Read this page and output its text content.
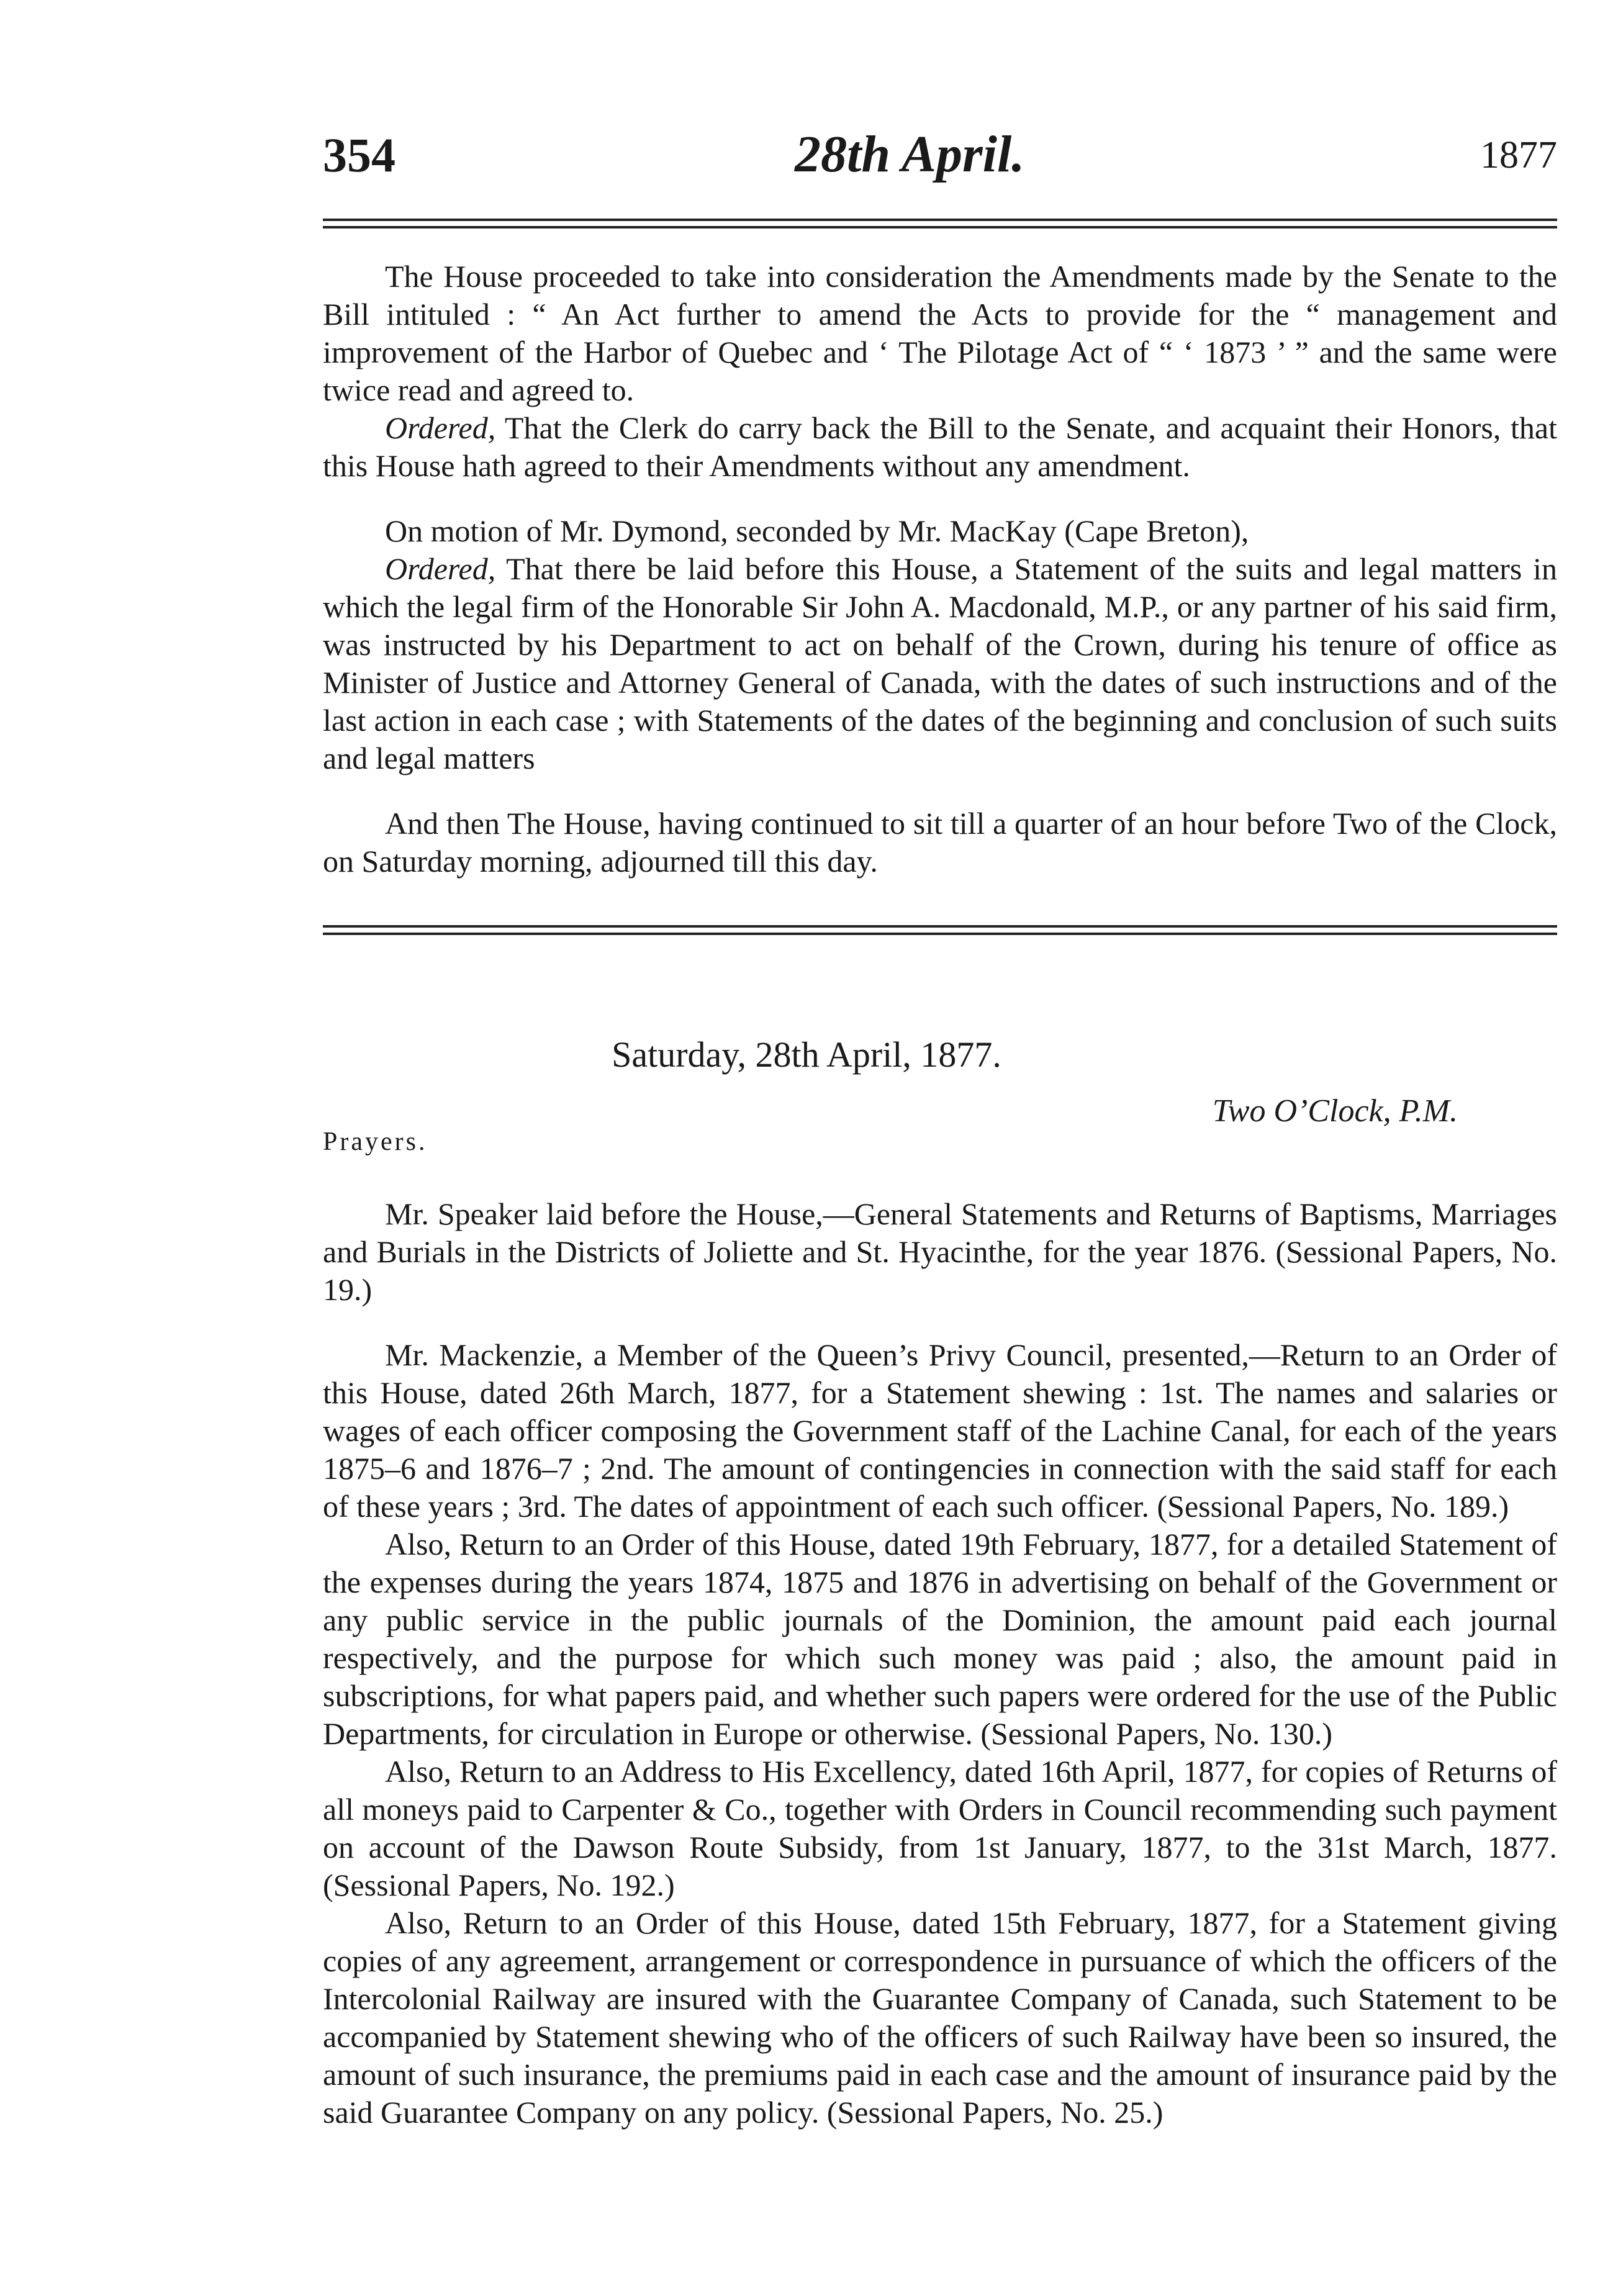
354	28th April.	1877

The House proceeded to take into consideration the Amendments made by the Senate to the Bill intituled : “ An Act further to amend the Acts to provide for the “ management and improvement of the Harbor of Quebec and ‘ The Pilotage Act of “ ‘ 1873 ’ ” and the same were twice read and agreed to.

Ordered, That the Clerk do carry back the Bill to the Senate, and acquaint their Honors, that this House hath agreed to their Amendments without any amendment.

On motion of Mr. Dymond, seconded by Mr. MacKay (Cape Breton),

Ordered, That there be laid before this House, a Statement of the suits and legal matters in which the legal firm of the Honorable Sir John A. Macdonald, M.P., or any partner of his said firm, was instructed by his Department to act on behalf of the Crown, during his tenure of office as Minister of Justice and Attorney General of Canada, with the dates of such instructions and of the last action in each case ; with Statements of the dates of the beginning and conclusion of such suits and legal matters

And then The House, having continued to sit till a quarter of an hour before Two of the Clock, on Saturday morning, adjourned till this day.

Saturday, 28th April, 1877.
Two O’Clock, P.M.
Prayers.

Mr. Speaker laid before the House,—General Statements and Returns of Baptisms, Marriages and Burials in the Districts of Joliette and St. Hyacinthe, for the year 1876. (Sessional Papers, No. 19.)

Mr. Mackenzie, a Member of the Queen’s Privy Council, presented,—Return to an Order of this House, dated 26th March, 1877, for a Statement shewing : 1st. The names and salaries or wages of each officer composing the Government staff of the Lachine Canal, for each of the years 1875–6 and 1876–7 ; 2nd. The amount of contingencies in connection with the said staff for each of these years ; 3rd. The dates of appointment of each such officer. (Sessional Papers, No. 189.)

Also, Return to an Order of this House, dated 19th February, 1877, for a detailed Statement of the expenses during the years 1874, 1875 and 1876 in advertising on behalf of the Government or any public service in the public journals of the Dominion, the amount paid each journal respectively, and the purpose for which such money was paid ; also, the amount paid in subscriptions, for what papers paid, and whether such papers were ordered for the use of the Public Departments, for circulation in Europe or otherwise. (Sessional Papers, No. 130.)

Also, Return to an Address to His Excellency, dated 16th April, 1877, for copies of Returns of all moneys paid to Carpenter & Co., together with Orders in Council recommending such payment on account of the Dawson Route Subsidy, from 1st January, 1877, to the 31st March, 1877. (Sessional Papers, No. 192.)

Also, Return to an Order of this House, dated 15th February, 1877, for a Statement giving copies of any agreement, arrangement or correspondence in pursuance of which the officers of the Intercolonial Railway are insured with the Guarantee Company of Canada, such Statement to be accompanied by Statement shewing who of the officers of such Railway have been so insured, the amount of such insurance, the premiums paid in each case and the amount of insurance paid by the said Guarantee Company on any policy. (Sessional Papers, No. 25.)
